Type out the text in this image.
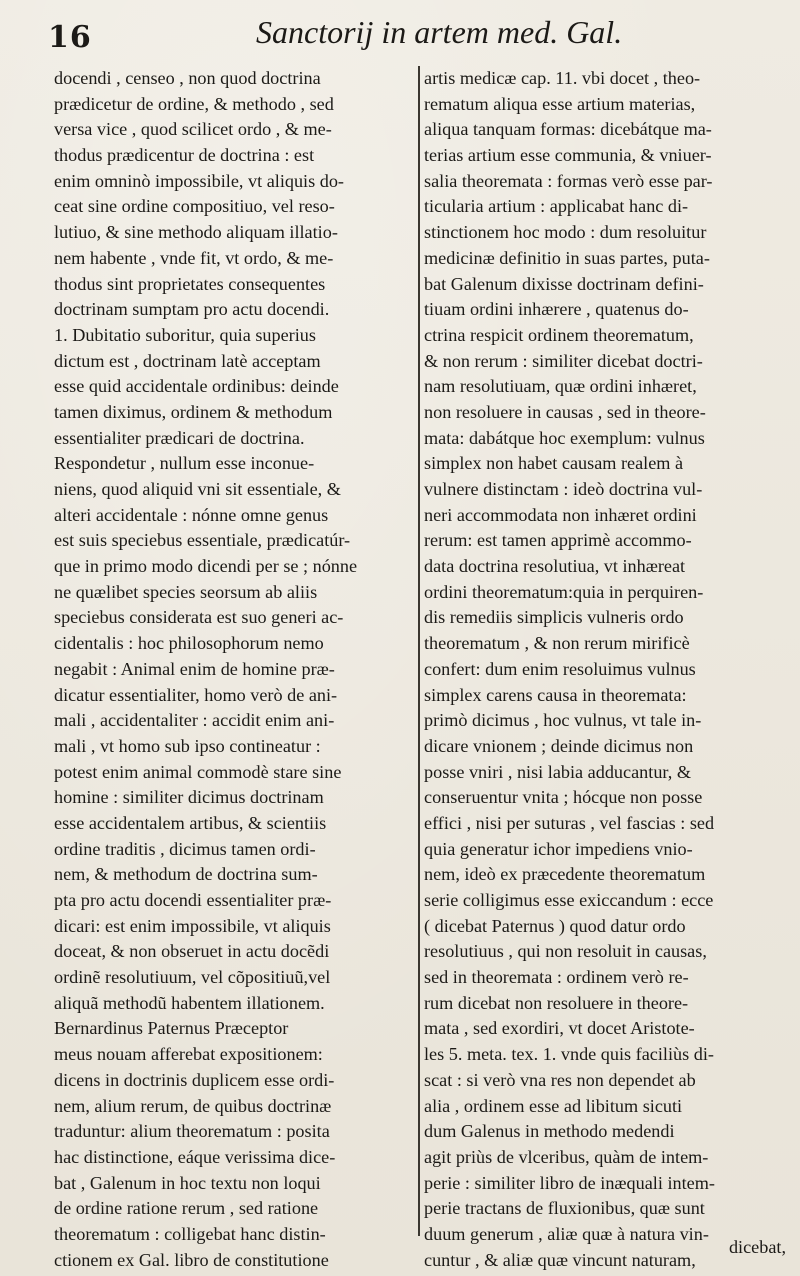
16	Sanctorij in artem med. Gal.
docendi , censeo , non quod doctrina
prædicetur de ordine, & methodo , sed
versa vice , quod scilicet ordo , & me-
thodus prædicentur de doctrina : est
enim omninò impossibile, vt aliquis do-
ceat sine ordine compositiuo, vel reso-
lutiuo, & sine methodo aliquam illatio-
nem habente , vnde fit, vt ordo, & me-
thodus sint proprietates consequentes
doctrinam sumptam pro actu docendi.
1. Dubitatio suboritur, quia superius
dictum est , doctrinam latè acceptam
esse quid accidentale ordinibus: deinde
tamen diximus, ordinem & methodum
essentialiter prædicari de doctrina.
Respondetur , nullum esse inconue-
niens, quod aliquid vni sit essentiale, &
alteri accidentale : nónne omne genus
est suis speciebus essentiale, prædicatúr-
que in primo modo dicendi per se ; nónne
ne quælibet species seorsum ab aliis
speciebus considerata est suo generi ac-
cidentalis : hoc philosophorum nemo
negabit : Animal enim de homine præ-
dicatur essentialiter, homo verò de ani-
mali , accidentaliter : accidit enim ani-
mali , vt homo sub ipso contineatur :
potest enim animal commodè stare sine
homine : similiter dicimus doctrinam
esse accidentalem artibus, & scientiis
ordine traditis , dicimus tamen ordi-
nem, & methodum de doctrina sum-
pta pro actu docendi essentialiter præ-
dicari: est enim impossibile, vt aliquis
doceat, & non obseruet in actu docẽdi
ordinẽ resolutiuum, vel cõpositiuũ,vel
aliquã methodũ habentem illationem.
Bernardinus Paternus Præceptor
meus nouam afferebat expositionem:
dicens in doctrinis duplicem esse ordi-
nem, alium rerum, de quibus doctrinæ
traduntur: alium theorematum : posita
hac distinctione, eáque verissima dice-
bat , Galenum in hoc textu non loqui
de ordine ratione rerum , sed ratione
theorematum : colligebat hanc distin-
ctionem ex Gal. libro de constitutione
artis medicæ cap. 11. vbi docet , theo-
rematum aliqua esse artium materias,
aliqua tanquam formas: dicebátque ma-
terias artium esse communia, & vniuer-
salia theoremata : formas verò esse par-
ticularia artium : applicabat hanc di-
stinctionem hoc modo : dum resoluitur
medicinæ definitio in suas partes, puta-
bat Galenum dixisse doctrinam defini-
tiuam ordini inhærere , quatenus do-
ctrina respicit ordinem theorematum,
& non rerum : similiter dicebat doctri-
nam resolutiuam, quæ ordini inhæret,
non resoluere in causas , sed in theore-
mata: dabátque hoc exemplum: vulnus
simplex non habet causam realem à
vulnere distinctam : ideò doctrina vul-
neri accommodata non inhæret ordini
rerum: est tamen apprimè accommo-
data doctrina resolutiua, vt inhæreat
ordini theorematum:quia in perquiren-
dis remediis simplicis vulneris ordo
theorematum , & non rerum mirificè
confert: dum enim resoluimus vulnus
simplex carens causa in theoremata:
primò dicimus , hoc vulnus, vt tale in-
dicare vnionem ; deinde dicimus non
posse vniri , nisi labia adducantur, &
conseruentur vnita ; hócque non posse
effici , nisi per suturas , vel fascias : sed
quia generatur ichor impediens vnio-
nem, ideò ex præcedente theorematum
serie colligimus esse exiccandum : ecce
( dicebat Paternus ) quod datur ordo
resolutiuus , qui non resoluit in causas,
sed in theoremata : ordinem verò re-
rum dicebat non resoluere in theore-
mata , sed exordiri, vt docet Aristote-
les 5. meta. tex. 1. vnde quis faciliùs di-
scat : si verò vna res non dependet ab
alia , ordinem esse ad libitum sicuti
dum Galenus in methodo medendi
agit priùs de vlceribus, quàm de intem-
perie : similiter libro de inæquali intem-
perie tractans de fluxionibus, quæ sunt
duum generum , aliæ quæ à natura vin-
cuntur , & aliæ quæ vincunt naturam,
dicebat,
